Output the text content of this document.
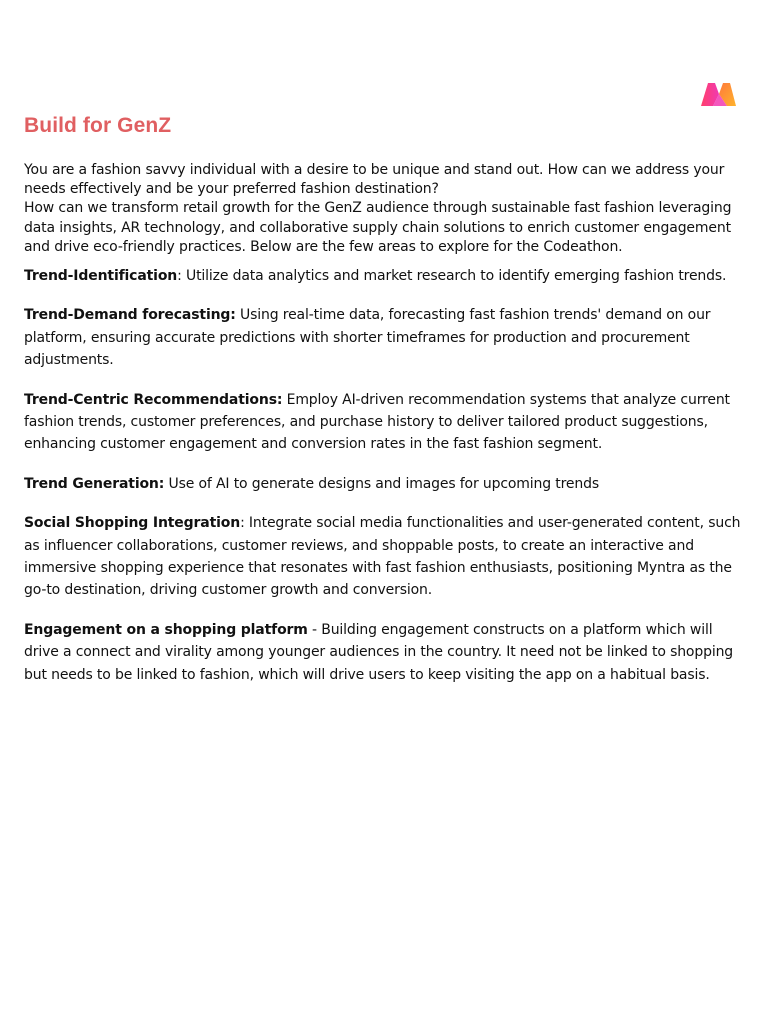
Build for GenZ

You are a fashion savvy individual with a desire to be unique and stand out. How can we address your needs effectively and be your preferred fashion destination?
How can we transform retail growth for the GenZ audience through sustainable fast fashion leveraging data insights, AR technology, and collaborative supply chain solutions to enrich customer engagement and drive eco-friendly practices. Below are the few areas to explore for the Codeathon.

Trend-Identification: Utilize data analytics and market research to identify emerging fashion trends.

Trend-Demand forecasting: Using real-time data, forecasting fast fashion trends' demand on our platform, ensuring accurate predictions with shorter timeframes for production and procurement adjustments.

Trend-Centric Recommendations: Employ AI-driven recommendation systems that analyze current fashion trends, customer preferences, and purchase history to deliver tailored product suggestions, enhancing customer engagement and conversion rates in the fast fashion segment.

Trend Generation: Use of AI to generate designs and images for upcoming trends

Social Shopping Integration: Integrate social media functionalities and user-generated content, such as influencer collaborations, customer reviews, and shoppable posts, to create an interactive and immersive shopping experience that resonates with fast fashion enthusiasts, positioning Myntra as the go-to destination, driving customer growth and conversion.

Engagement on a shopping platform - Building engagement constructs on a platform which will drive a connect and virality among younger audiences in the country. It need not be linked to shopping but needs to be linked to fashion, which will drive users to keep visiting the app on a habitual basis.
